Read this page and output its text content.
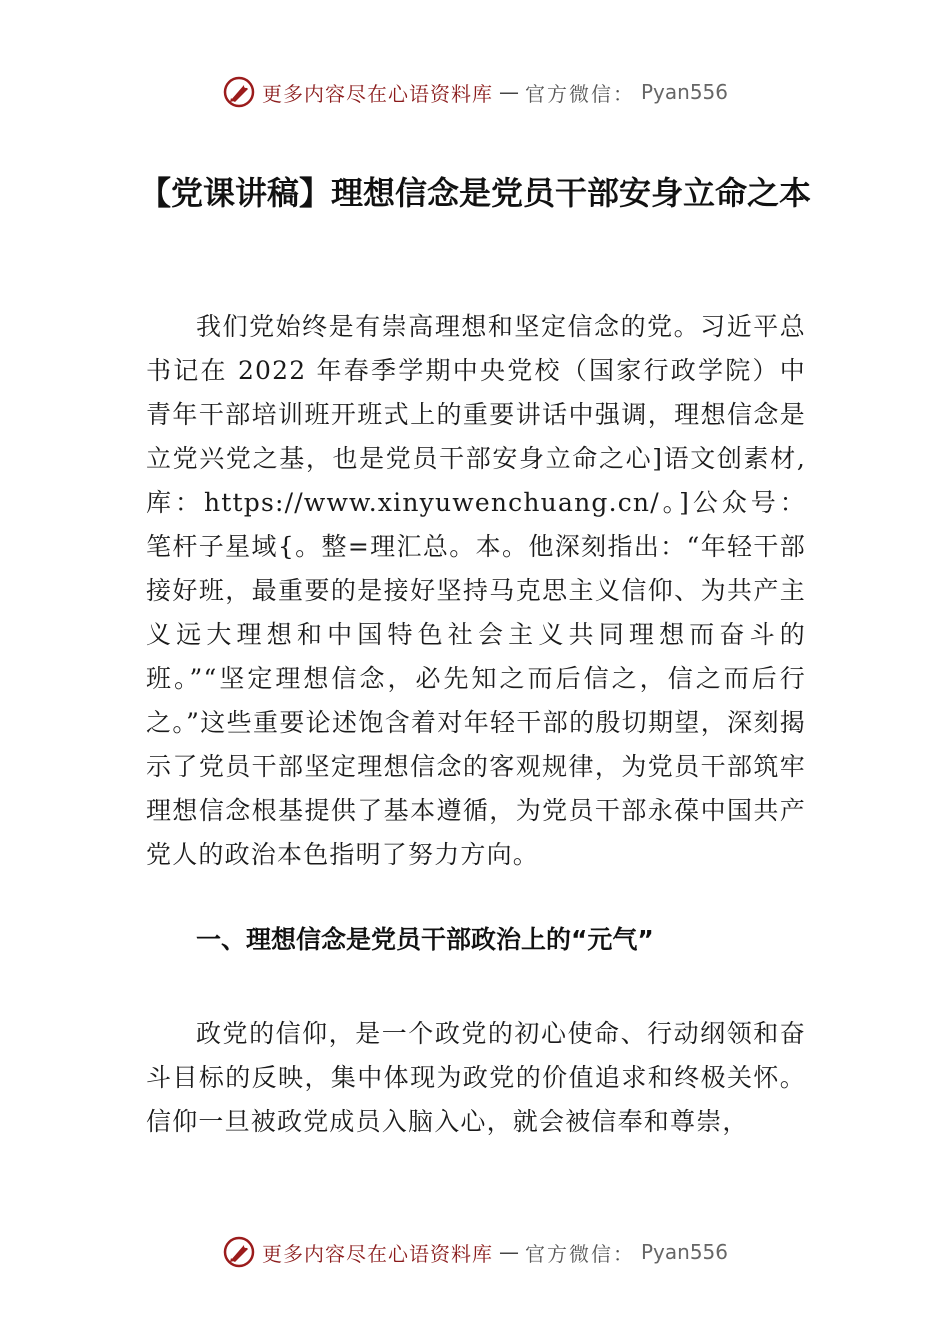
更多内容尽在心语资料库 — 官方微信： Pyan556
【党课讲稿】理想信念是党员干部安身立命之本

我们党始终是有崇高理想和坚定信念的党。习近平总书记在 2022 年春季学期中央党校（国家行政学院）中青年干部培训班开班式上的重要讲话中强调，理想信念是立党兴党之基，也是党员干部安身立命之心]语文创素材,库：https://www.xinyuwenchuang.cn/。]公众号：笔杆子星域{。整=理汇总。本。他深刻指出：“年轻干部接好班，最重要的是接好坚持马克思主义信仰、为共产主义远大理想和中国特色社会主义共同理想而奋斗的班。”“坚定理想信念，必先知之而后信之，信之而后行之。”这些重要论述饱含着对年轻干部的殷切期望，深刻揭示了党员干部坚定理想信念的客观规律，为党员干部筑牢理想信念根基提供了基本遵循，为党员干部永葆中国共产党人的政治本色指明了努力方向。

一、理想信念是党员干部政治上的“元气”

政党的信仰，是一个政党的初心使命、行动纲领和奋斗目标的反映，集中体现为政党的价值追求和终极关怀。信仰一旦被政党成员入脑入心，就会被信奉和尊崇，

更多内容尽在心语资料库 — 官方微信： Pyan556
